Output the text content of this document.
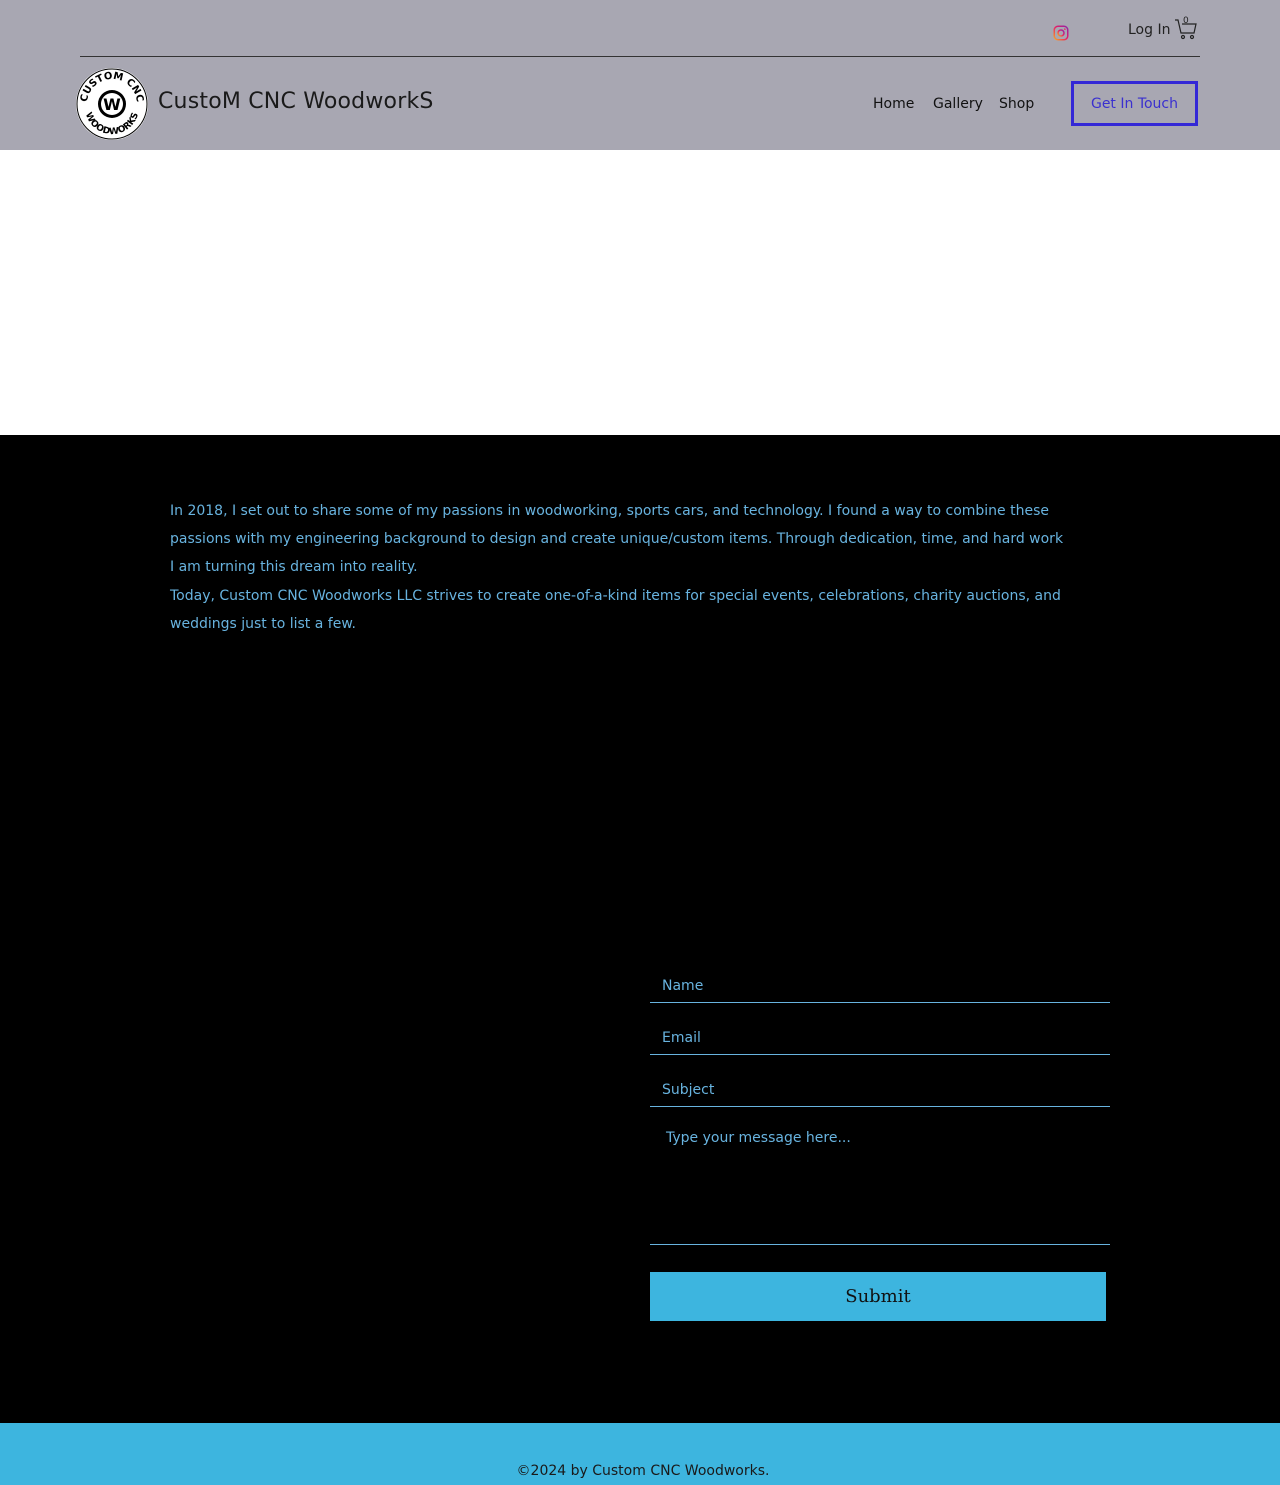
Log In
0
CUSTOM CNC
WOODWORKS
W CustoM CNC WoodworkS	Home Gallery Shop	Get In Touch

In 2018, I set out to share some of my passions in woodworking, sports cars, and technology. I found a way to combine these passions with my engineering background to design and create unique/custom items. Through dedication, time, and hard work I am turning this dream into reality.

Today, Custom CNC Woodworks LLC strives to create one-of-a-kind items for special events, celebrations, charity auctions, and weddings just to list a few.

Name
Email
Subject
Type your message here...
Submit

©2024 by Custom CNC Woodworks.
